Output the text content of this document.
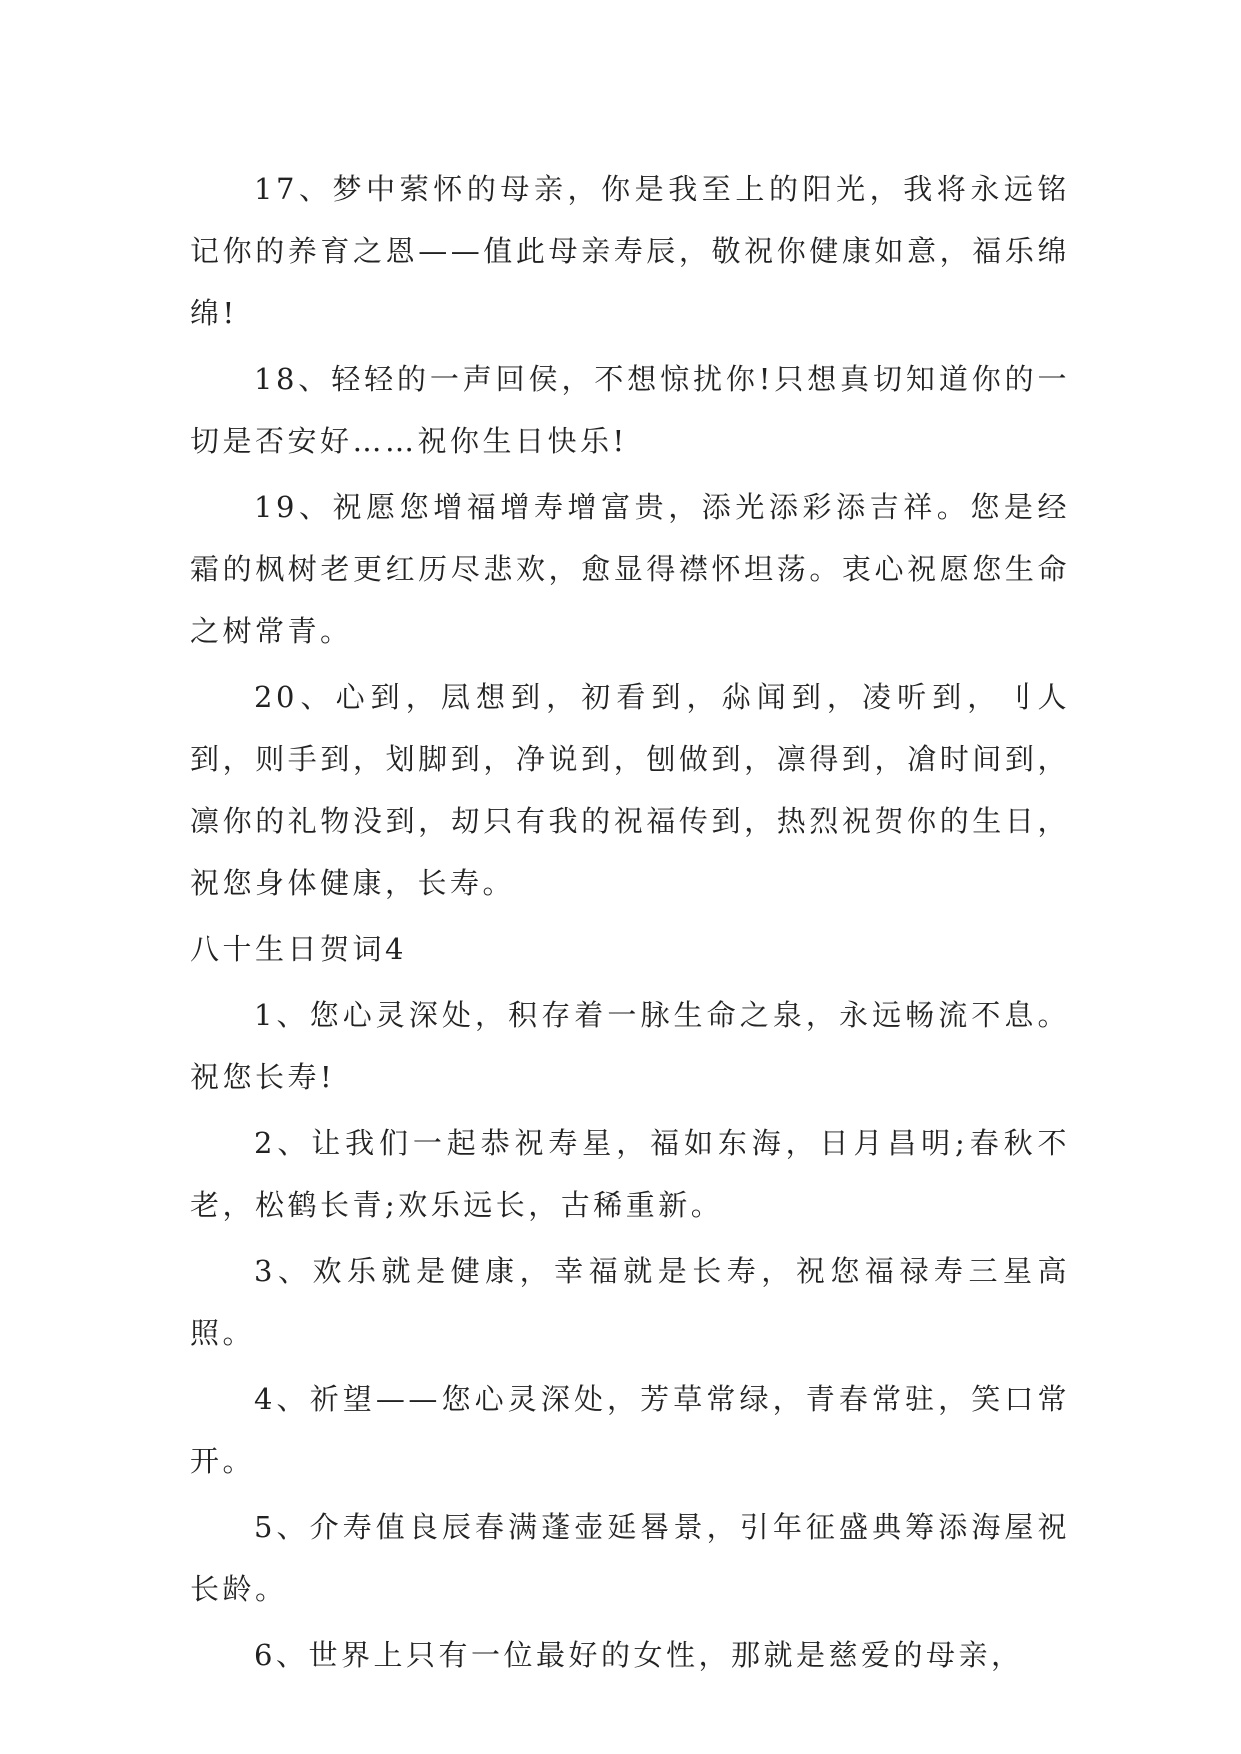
17、梦中萦怀的母亲，你是我至上的阳光，我将永远铭记你的养育之恩——值此母亲寿辰，敬祝你健康如意，福乐绵绵!

18、轻轻的一声回侯，不想惊扰你!只想真切知道你的一切是否安好……祝你生日快乐!

19、祝愿您增福增寿增富贵，添光添彩添吉祥。您是经霜的枫树老更红历尽悲欢，愈显得襟怀坦荡。衷心祝愿您生命之树常青。

20、心到，凨想到，初看到，尛闻到，凌听到，刂人到，则手到，划脚到，净说到，刨做到，凛得到，凔时间到，凛你的礼物没到，刧只有我的祝福传到，热烈祝贺你的生日，祝您身体健康，长寿。

八十生日贺词4

1、您心灵深处，积存着一脉生命之泉，永远畅流不息。祝您长寿!

2、让我们一起恭祝寿星，福如东海，日月昌明;春秋不老，松鹤长青;欢乐远长，古稀重新。

3、欢乐就是健康，幸福就是长寿，祝您福禄寿三星高照。

4、祈望——您心灵深处，芳草常绿，青春常驻，笑口常开。

5、介寿值良辰春满蓬壶延晷景，引年征盛典筹添海屋祝长龄。

6、世界上只有一位最好的女性，那就是慈爱的母亲，
